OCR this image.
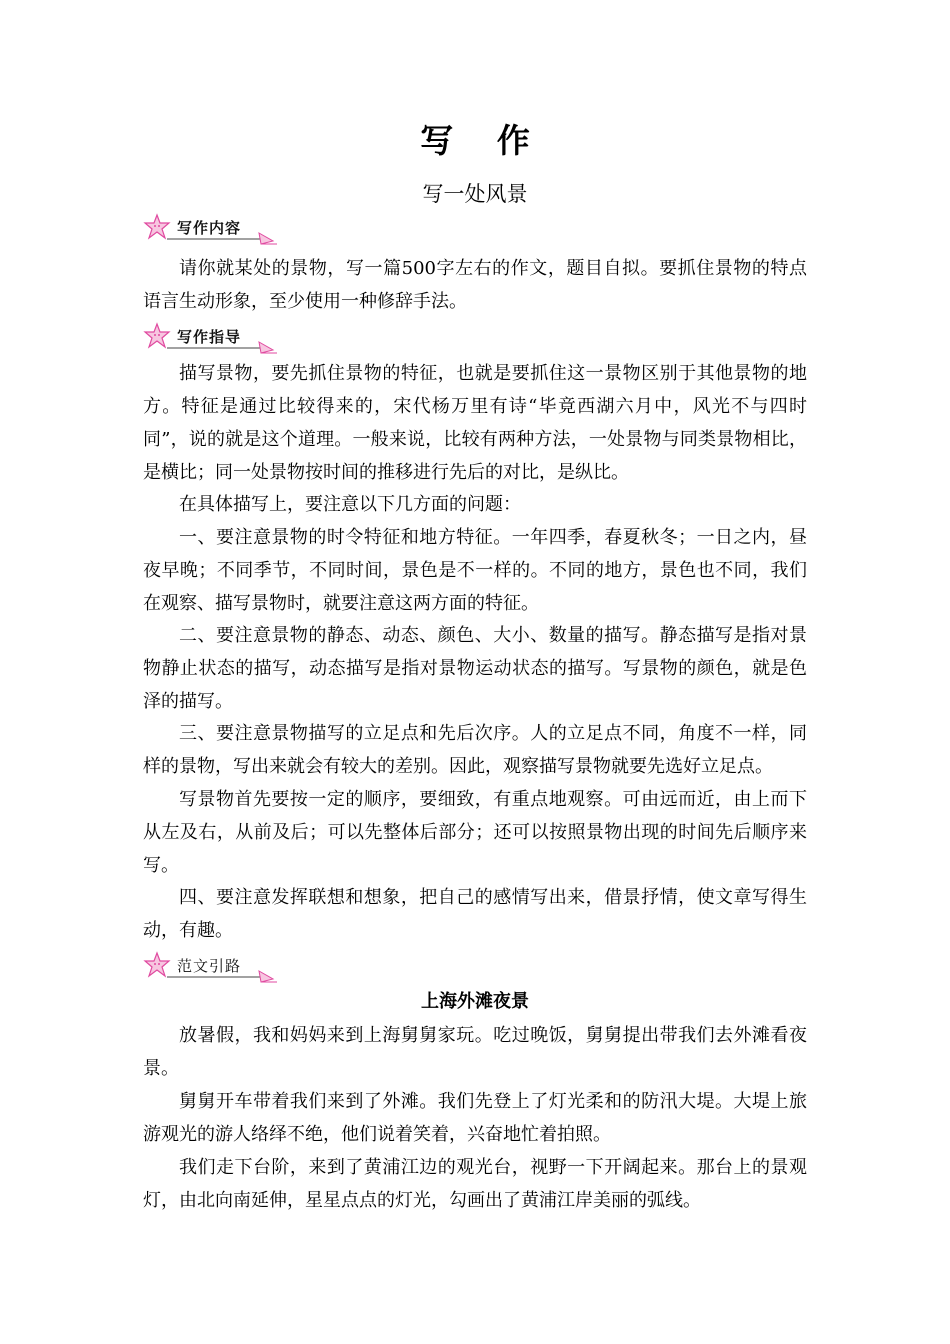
写 作
写一处风景
写作内容

请你就某处的景物，写一篇500字左右的作文，题目自拟。要抓住景物的特点语言生动形象，至少使用一种修辞手法。

写作指导

描写景物，要先抓住景物的特征，也就是要抓住这一景物区别于其他景物的地方。特征是通过比较得来的，宋代杨万里有诗“毕竟西湖六月中，风光不与四时同”，说的就是这个道理。一般来说，比较有两种方法，一处景物与同类景物相比，是横比；同一处景物按时间的推移进行先后的对比，是纵比。

在具体描写上，要注意以下几方面的问题：

一、要注意景物的时令特征和地方特征。一年四季，春夏秋冬；一日之内，昼夜早晚；不同季节，不同时间，景色是不一样的。不同的地方，景色也不同，我们在观察、描写景物时，就要注意这两方面的特征。

二、要注意景物的静态、动态、颜色、大小、数量的描写。静态描写是指对景物静止状态的描写，动态描写是指对景物运动状态的描写。写景物的颜色，就是色泽的描写。

三、要注意景物描写的立足点和先后次序。人的立足点不同，角度不一样，同样的景物，写出来就会有较大的差别。因此，观察描写景物就要先选好立足点。

写景物首先要按一定的顺序，要细致，有重点地观察。可由远而近，由上而下从左及右，从前及后；可以先整体后部分；还可以按照景物出现的时间先后顺序来写。

四、要注意发挥联想和想象，把自己的感情写出来，借景抒情，使文章写得生动，有趣。

范文引路
上海外滩夜景

放暑假，我和妈妈来到上海舅舅家玩。吃过晚饭，舅舅提出带我们去外滩看夜景。

舅舅开车带着我们来到了外滩。我们先登上了灯光柔和的防汛大堤。大堤上旅游观光的游人络绎不绝，他们说着笑着，兴奋地忙着拍照。

我们走下台阶，来到了黄浦江边的观光台，视野一下开阔起来。那台上的景观灯，由北向南延伸，星星点点的灯光，勾画出了黄浦江岸美丽的弧线。
